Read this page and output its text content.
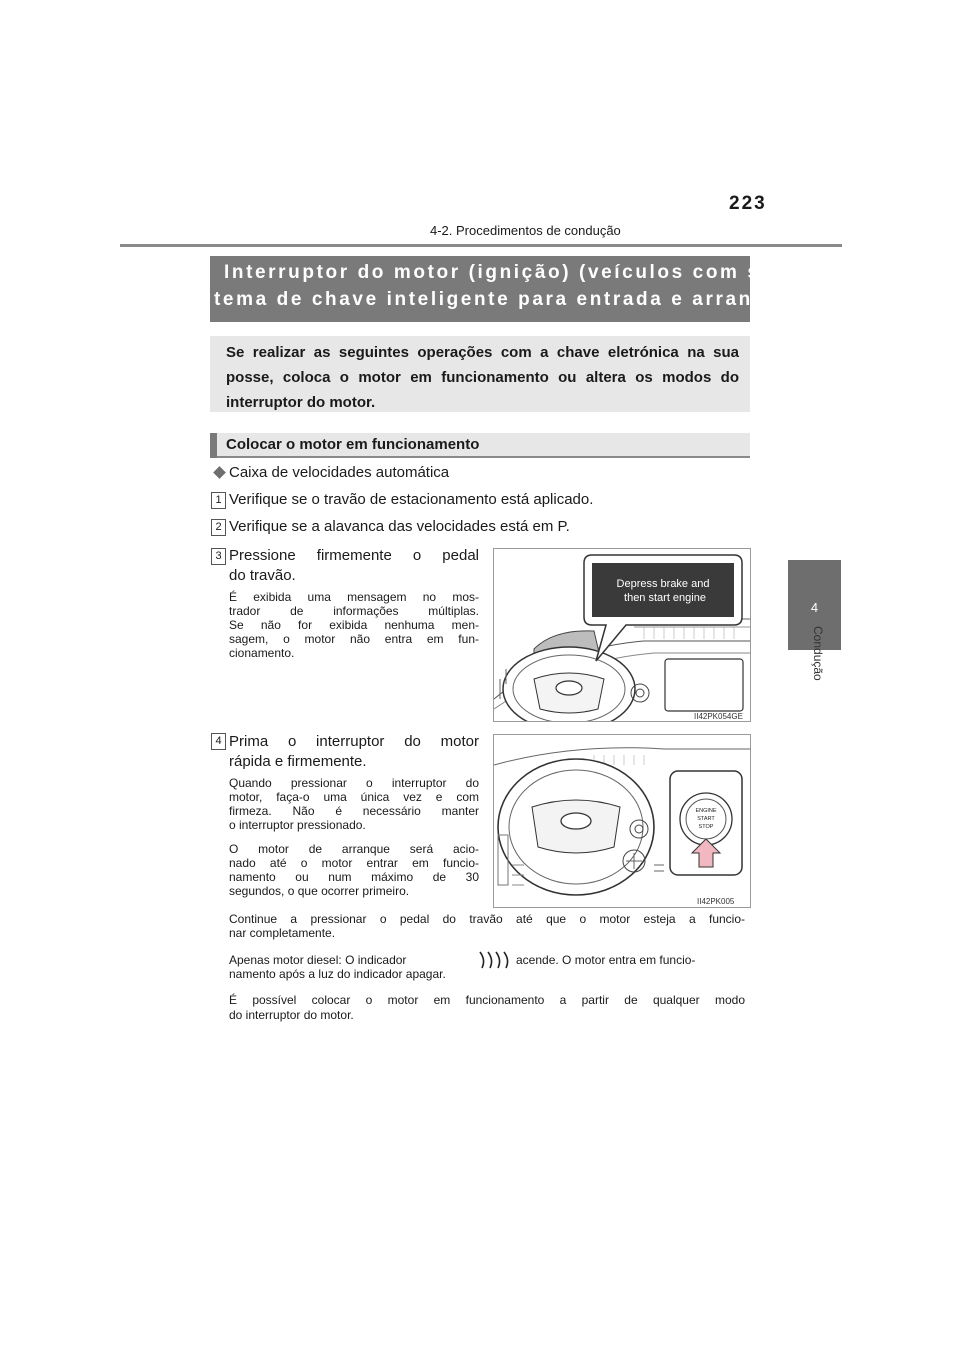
223
4-2. Procedimentos de condução
4
Condução
Interruptor do motor (ignição) (veículos com sis-
tema de chave inteligente para entrada e arranque)

Se realizar as seguintes operações com a chave eletrónica na sua posse, coloca o motor em funcionamento ou altera os modos do interruptor do motor.

Colocar o motor em funcionamento
Caixa de velocidades automática
1 Verifique se o travão de estacionamento está aplicado.
2 Verifique se a alavanca das velocidades está em P.
3 Pressione firmemente o pedal
do travão.
É exibida uma mensagem no mos-
trador de informações múltiplas.
Se não for exibida nenhuma men-
sagem, o motor não entra em fun-
cionamento.
Depress brake and
then start engine
II42PK054GE
4 Prima o interruptor do motor
rápida e firmemente.
Quando pressionar o interruptor do
motor, faça-o uma única vez e com
firmeza. Não é necessário manter
o interruptor pressionado.
O motor de arranque será acio-
nado até o motor entrar em funcio-
namento ou num máximo de 30
segundos, o que ocorrer primeiro.
ENGINE
START
STOP
II42PK005
Continue a pressionar o pedal do travão até que o motor esteja a funcio-
nar completamente.
Apenas motor diesel: O indicador	acende. O motor entra em funcio-
namento após a luz do indicador apagar.
É possível colocar o motor em funcionamento a partir de qualquer modo
do interruptor do motor.
